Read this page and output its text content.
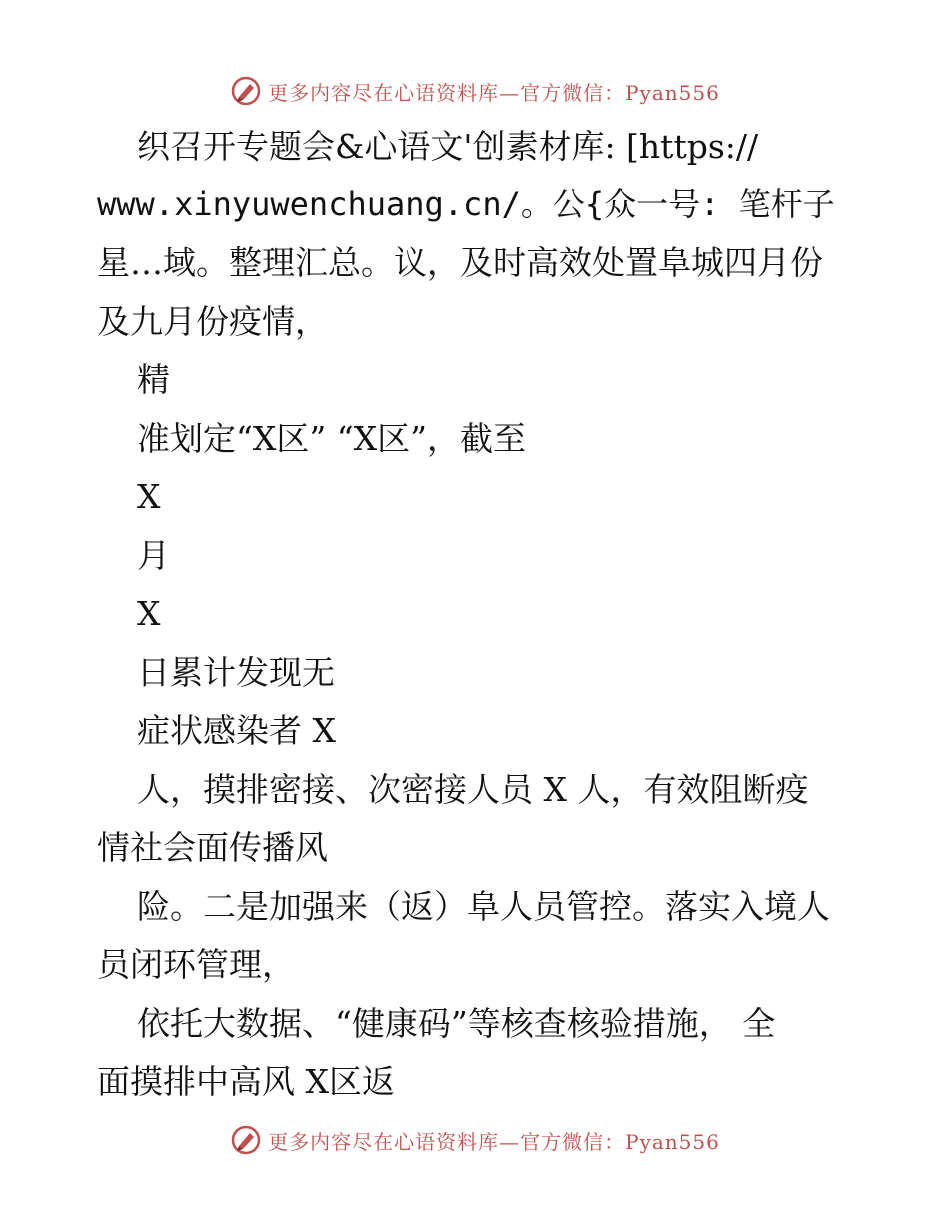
更多内容尽在心语资料库—官方微信：Pyan556
织召开专题会&心语文'创素材库: [https://
www.xinyuwenchuang.cn/。公{众一号: 笔杆子
星…域。整理汇总。议，及时高效处置阜城四月份
及九月份疫情，
精
准划定“X区” “X区”，截至
X
月
X
日累计发现无
症状感染者 X
人，摸排密接、次密接人员 X 人，有效阻断疫
情社会面传播风
险。二是加强来（返）阜人员管控。落实入境人
员闭环管理，
依托大数据、“健康码”等核查核验措施， 全
面摸排中高风 X区返
更多内容尽在心语资料库—官方微信：Pyan556
